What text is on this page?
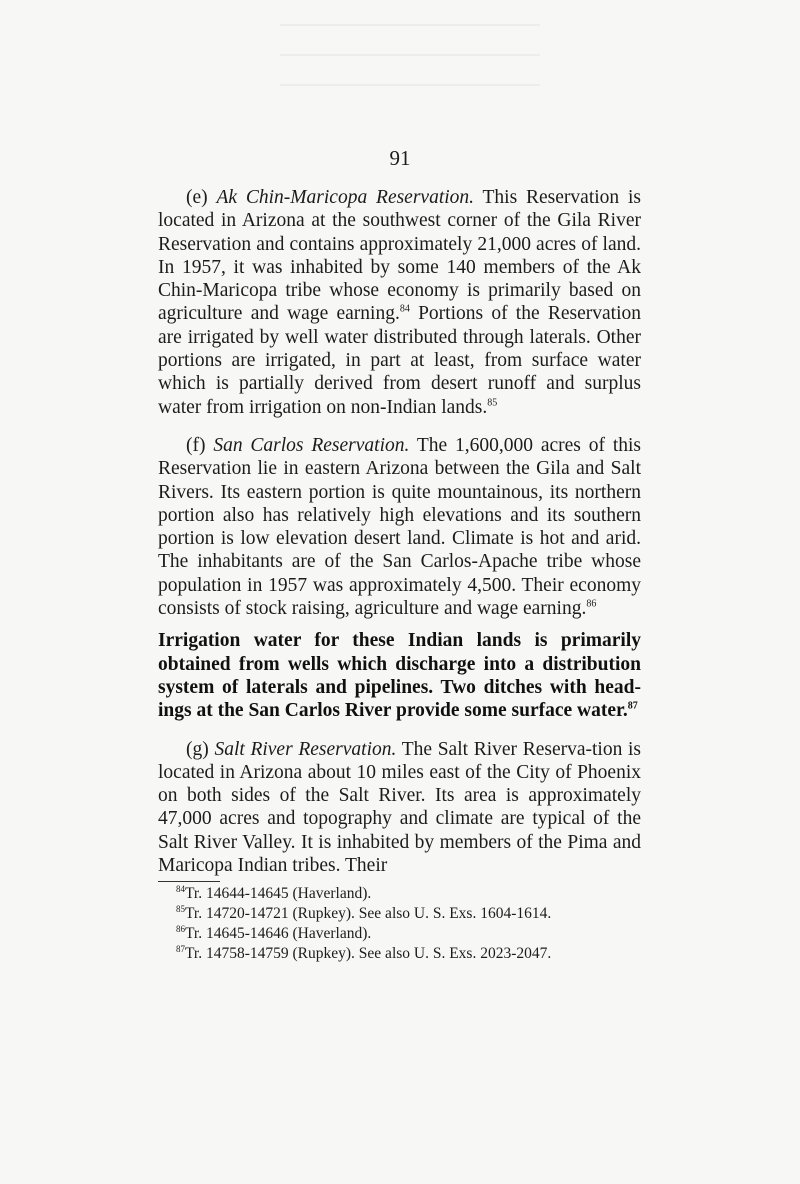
91

(e) Ak Chin-Maricopa Reservation. This Reservation is located in Arizona at the southwest corner of the Gila River Reservation and contains approximately 21,000 acres of land. In 1957, it was inhabited by some 140 members of the Ak Chin-Maricopa tribe whose economy is primarily based on agriculture and wage earning.$^{84}$ Portions of the Reservation are irrigated by well water distributed through laterals. Other portions are irrigated, in part at least, from surface water which is partially derived from desert runoff and surplus water from irrigation on non-Indian lands.$^{85}$

(f) San Carlos Reservation. The 1,600,000 acres of this Reservation lie in eastern Arizona between the Gila and Salt Rivers. Its eastern portion is quite mountainous, its northern portion also has relatively high elevations and its southern portion is low elevation desert land. Climate is hot and arid. The inhabitants are of the San Carlos-Apache tribe whose population in 1957 was approximately 4,500. Their economy consists of stock raising, agriculture and wage earning.$^{86}$

Irrigation water for these Indian lands is primarily obtained from wells which discharge into a distribution system of laterals and pipelines. Two ditches with head-ings at the San Carlos River provide some surface water.$^{87}$

(g) Salt River Reservation. The Salt River Reserva-tion is located in Arizona about 10 miles east of the City of Phoenix on both sides of the Salt River. Its area is approximately 47,000 acres and topography and climate are typical of the Salt River Valley. It is inhabited by members of the Pima and Maricopa Indian tribes. Their

$^{84}$Tr. 14644-14645 (Haverland).
$^{85}$Tr. 14720-14721 (Rupkey). See also U. S. Exs. 1604-1614.
$^{86}$Tr. 14645-14646 (Haverland).
$^{87}$Tr. 14758-14759 (Rupkey). See also U. S. Exs. 2023-2047.
